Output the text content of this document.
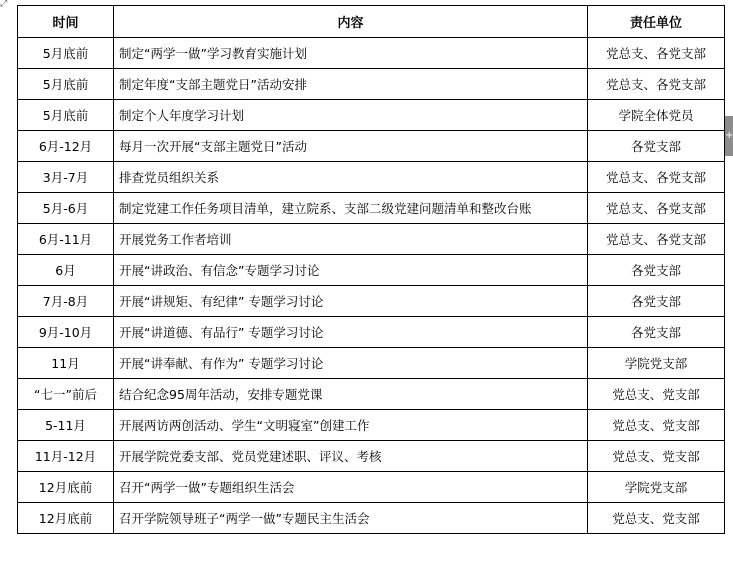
⤢
+
时间	内容	责任单位
5月底前	制定“两学一做”学习教育实施计划	党总支、各党支部
5月底前	制定年度“支部主题党日”活动安排	党总支、各党支部
5月底前	制定个人年度学习计划	学院全体党员
6月-12月	每月一次开展“支部主题党日”活动	各党支部
3月-7月	排查党员组织关系	党总支、各党支部
5月-6月	制定党建工作任务项目清单，建立院系、支部二级党建问题清单和整改台账	党总支、各党支部
6月-11月	开展党务工作者培训	党总支、各党支部
6月	开展“讲政治、有信念”专题学习讨论	各党支部
7月-8月	开展“讲规矩、有纪律” 专题学习讨论	各党支部
9月-10月	开展“讲道德、有品行” 专题学习讨论	各党支部
11月	开展“讲奉献、有作为” 专题学习讨论	学院党支部
“七一”前后	结合纪念95周年活动，安排专题党课	党总支、党支部
5-11月	开展两访两创活动、学生“文明寝室”创建工作	党总支、党支部
11月-12月	开展学院党委支部、党员党建述职、评议、考核	党总支、党支部
12月底前	召开“两学一做”专题组织生活会	学院党支部
12月底前	召开学院领导班子“两学一做”专题民主生活会	党总支、党支部
